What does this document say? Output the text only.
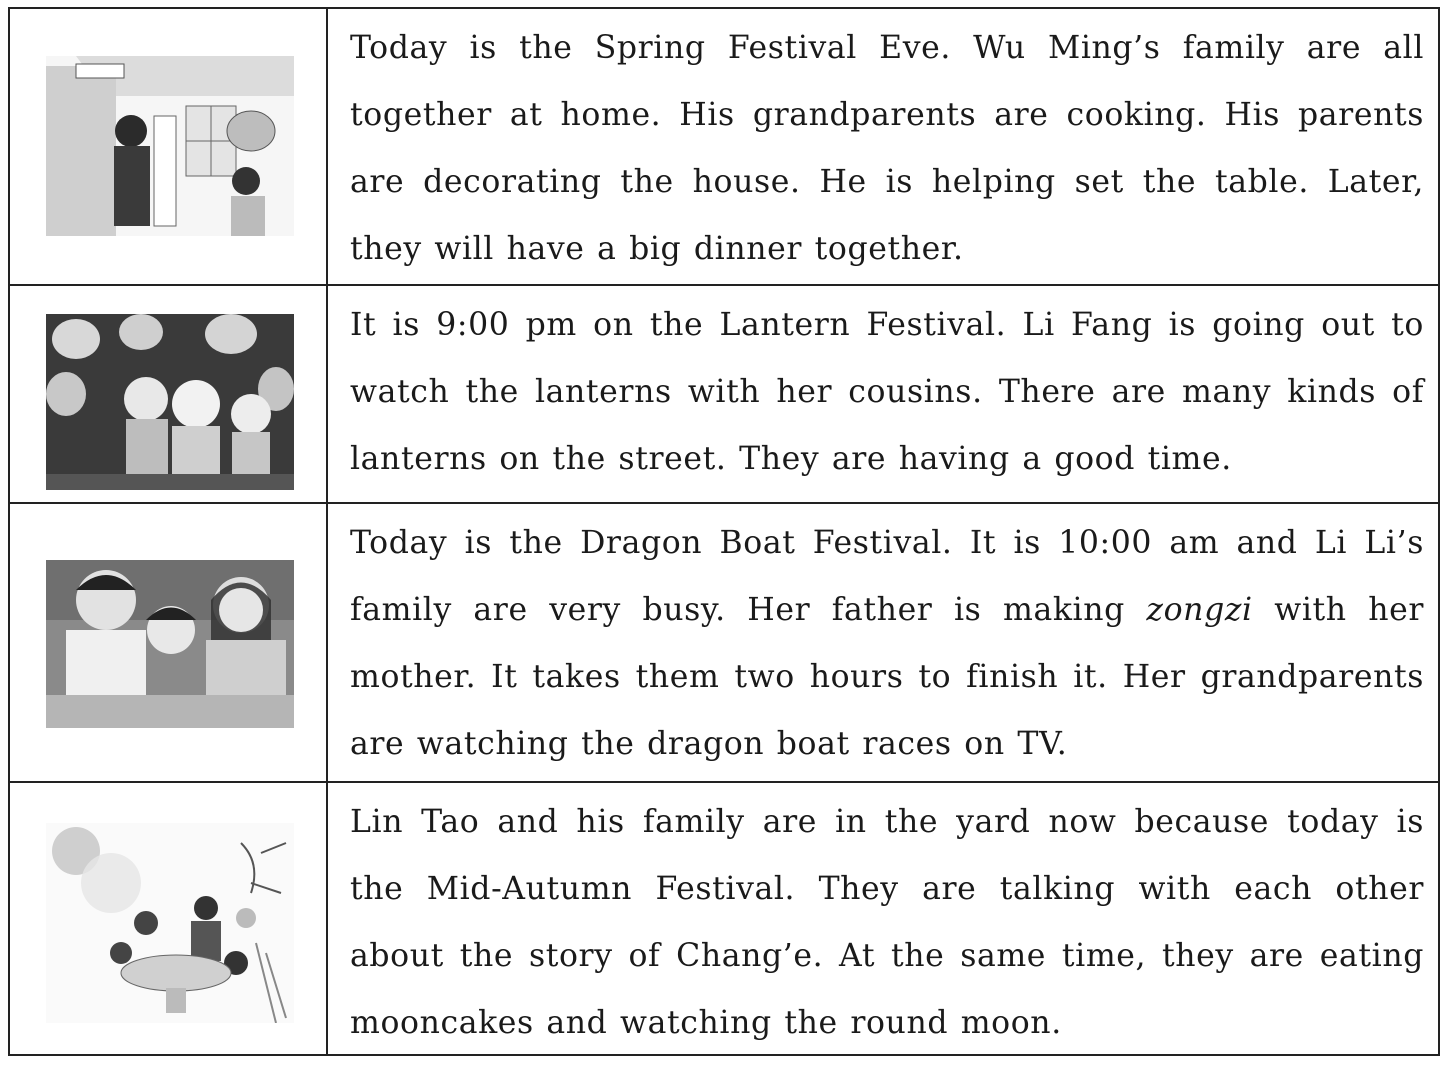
Today is the Spring Festival Eve. Wu Ming’s family are all together at home. His grandparents are cooking. His parents are decorating the house. He is helping set the table. Later, they will have a big dinner together.

It is 9:00 pm on the Lantern Festival. Li Fang is going out to watch the lanterns with her cousins. There are many kinds of lanterns on the street. They are having a good time.

Today is the Dragon Boat Festival. It is 10:00 am and Li Li’s family are very busy. Her father is making zongzi with her mother. It takes them two hours to finish it. Her grandparents are watching the dragon boat races on TV.

Lin Tao and his family are in the yard now because today is the Mid-Autumn Festival. They are talking with each other about the story of Chang’e. At the same time, they are eating mooncakes and watching the round moon.
